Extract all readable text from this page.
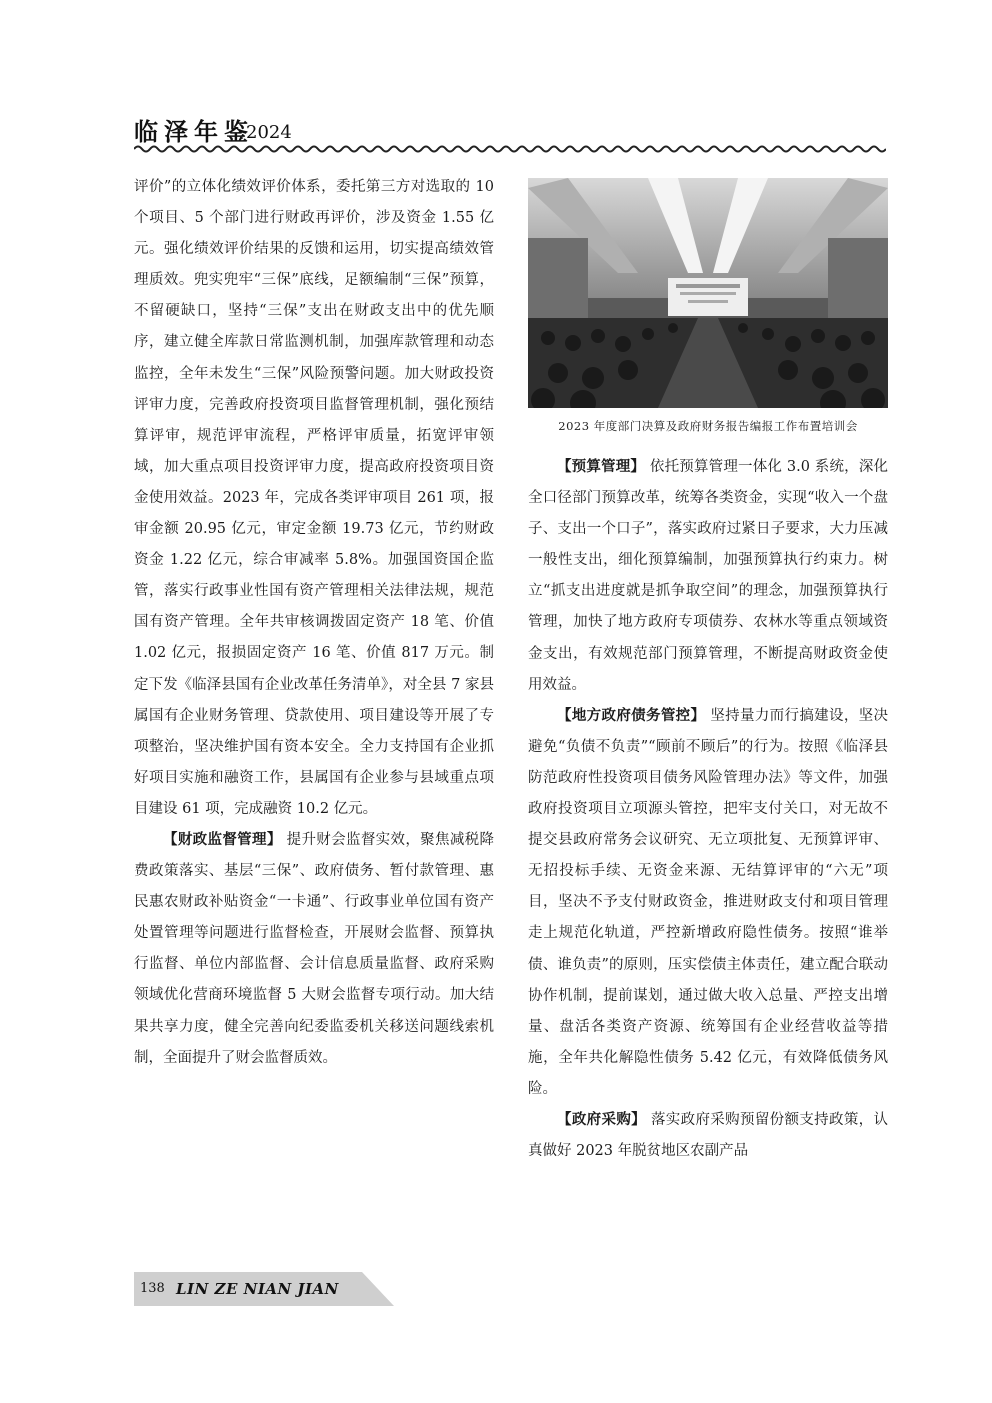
临泽年鉴
2024

评价”的立体化绩效评价体系，委托第三方对选取的 10 个项目、5 个部门进行财政再评价，涉及资金 1.55 亿元。强化绩效评价结果的反馈和运用，切实提高绩效管理质效。兜实兜牢“三保”底线，足额编制“三保”预算，不留硬缺口，坚持“三保”支出在财政支出中的优先顺序，建立健全库款日常监测机制，加强库款管理和动态监控，全年未发生“三保”风险预警问题。加大财政投资评审力度，完善政府投资项目监督管理机制，强化预结算评审，规范评审流程，严格评审质量，拓宽评审领域，加大重点项目投资评审力度，提高政府投资项目资金使用效益。2023 年，完成各类评审项目 261 项，报审金额 20.95 亿元，审定金额 19.73 亿元，节约财政资金 1.22 亿元，综合审减率 5.8%。加强国资国企监管，落实行政事业性国有资产管理相关法律法规，规范国有资产管理。全年共审核调拨固定资产 18 笔、价值 1.02 亿元，报损固定资产 16 笔、价值 817 万元。制定下发《临泽县国有企业改革任务清单》，对全县 7 家县属国有企业财务管理、贷款使用、项目建设等开展了专项整治，坚决维护国有资本安全。全力支持国有企业抓好项目实施和融资工作，县属国有企业参与县域重点项目建设 61 项，完成融资 10.2 亿元。

【财政监督管理】 提升财会监督实效，聚焦减税降费政策落实、基层“三保”、政府债务、暂付款管理、惠民惠农财政补贴资金“一卡通”、行政事业单位国有资产处置管理等问题进行监督检查，开展财会监督、预算执行监督、单位内部监督、会计信息质量监督、政府采购领域优化营商环境监督 5 大财会监督专项行动。加大结果共享力度，健全完善向纪委监委机关移送问题线索机制，全面提升了财会监督质效。

2023 年度部门决算及政府财务报告编报工作布置培训会

【预算管理】 依托预算管理一体化 3.0 系统，深化全口径部门预算改革，统筹各类资金，实现“收入一个盘子、支出一个口子”，落实政府过紧日子要求，大力压减一般性支出，细化预算编制，加强预算执行约束力。树立“抓支出进度就是抓争取空间”的理念，加强预算执行管理，加快了地方政府专项债券、农林水等重点领域资金支出，有效规范部门预算管理，不断提高财政资金使用效益。

【地方政府债务管控】 坚持量力而行搞建设，坚决避免“负债不负责”“顾前不顾后”的行为。按照《临泽县防范政府性投资项目债务风险管理办法》等文件，加强政府投资项目立项源头管控，把牢支付关口，对无故不提交县政府常务会议研究、无立项批复、无预算评审、无招投标手续、无资金来源、无结算评审的“六无”项目，坚决不予支付财政资金，推进财政支付和项目管理走上规范化轨道，严控新增政府隐性债务。按照“谁举债、谁负责”的原则，压实偿债主体责任，建立配合联动协作机制，提前谋划，通过做大收入总量、严控支出增量、盘活各类资产资源、统筹国有企业经营收益等措施，全年共化解隐性债务 5.42 亿元，有效降低债务风险。

【政府采购】 落实政府采购预留份额支持政策，认真做好 2023 年脱贫地区农副产品

138 LIN ZE NIAN JIAN
